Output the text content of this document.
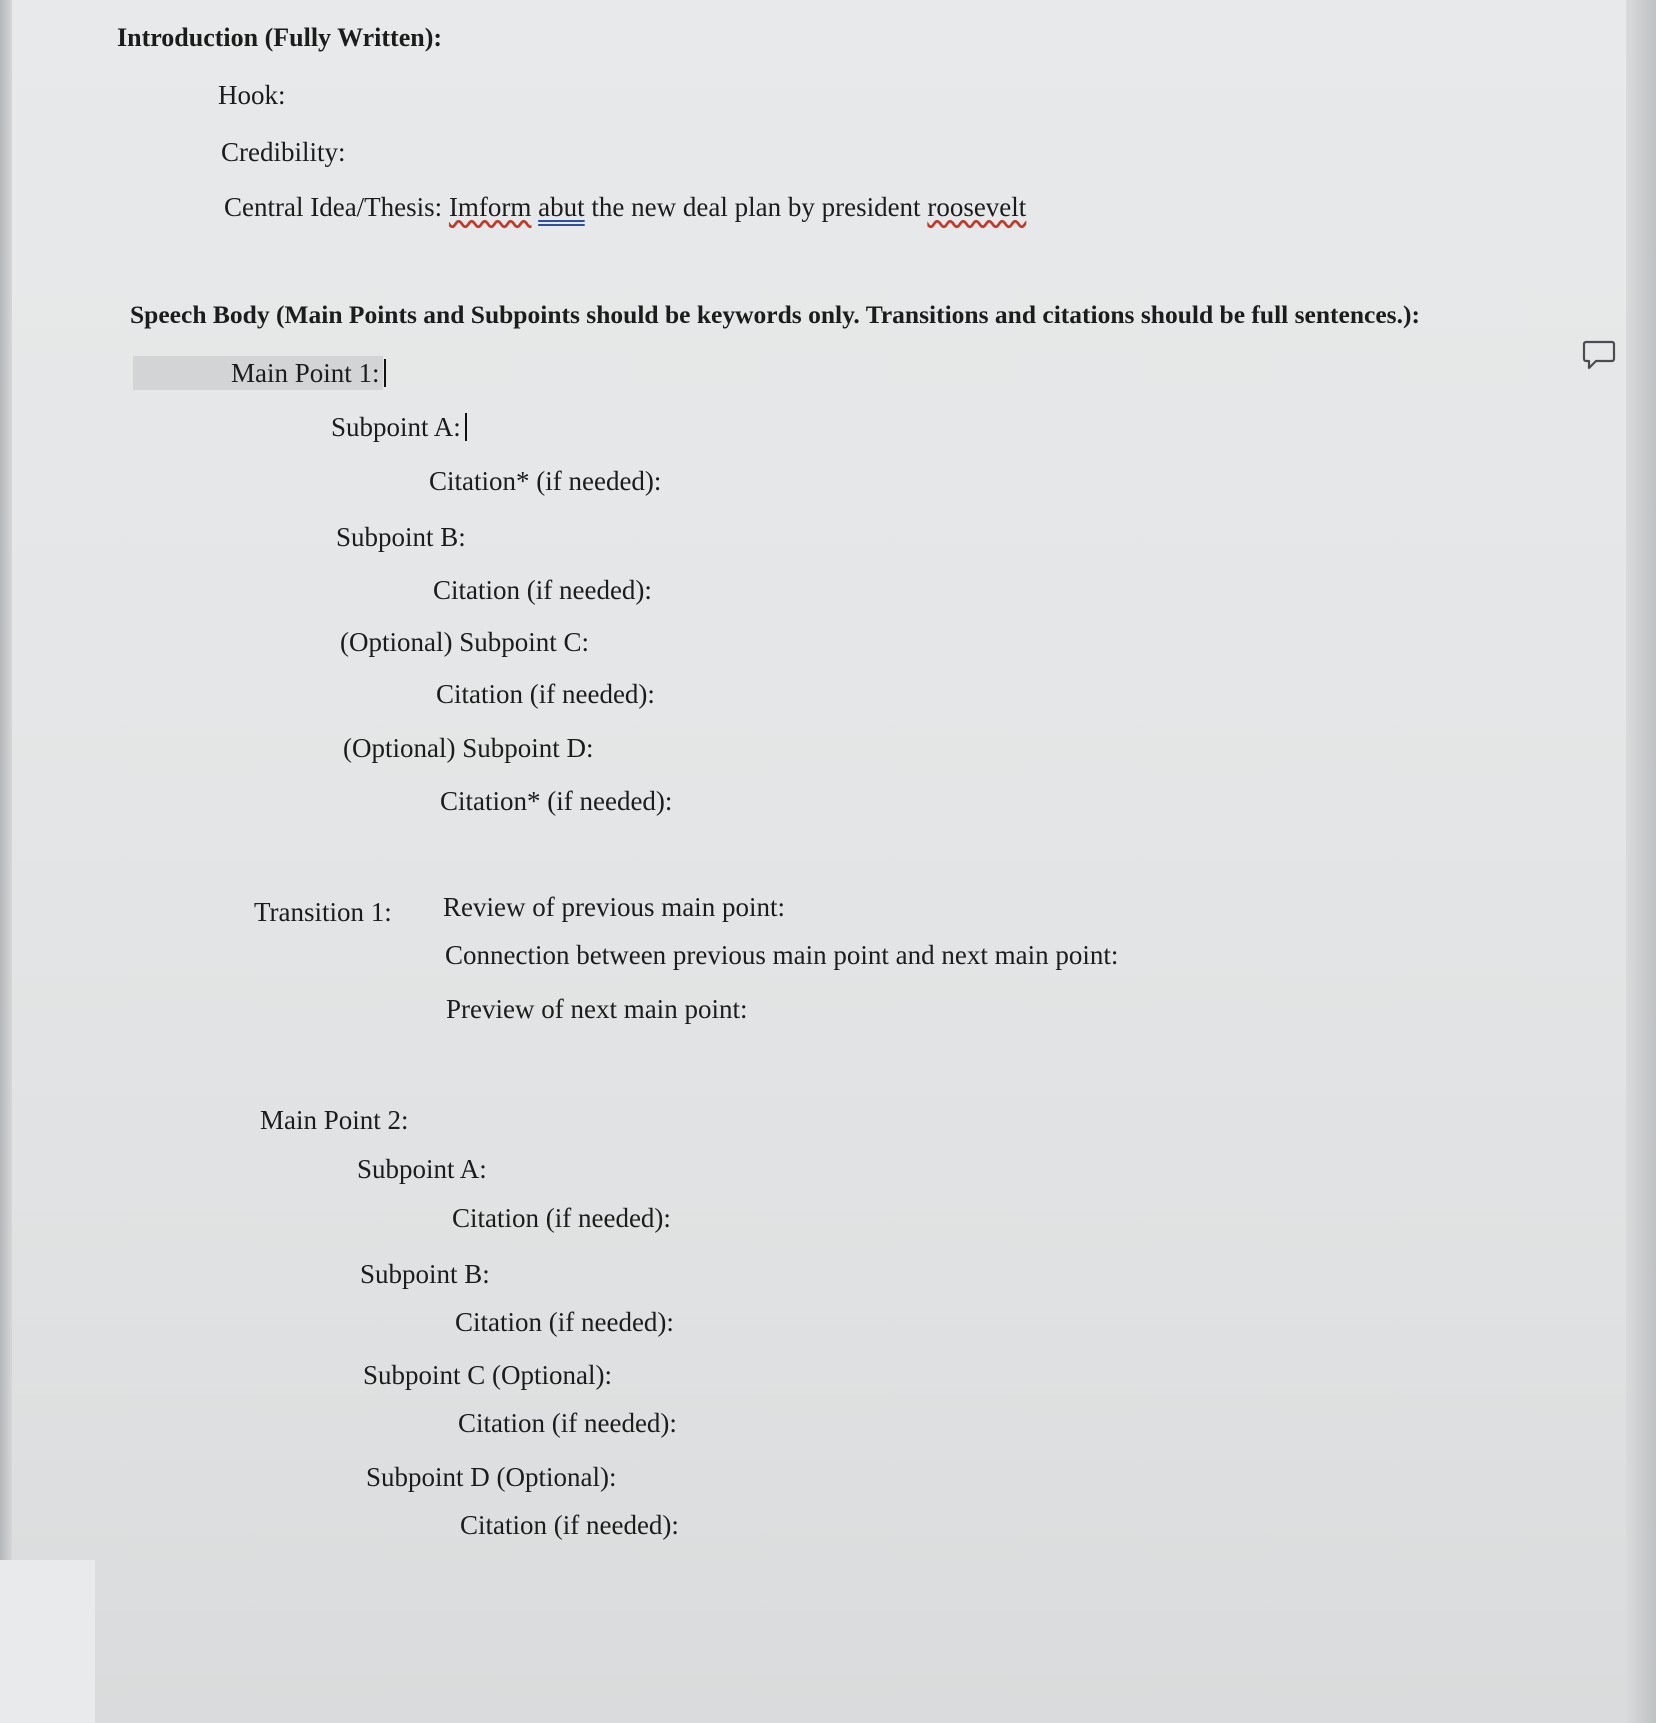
Introduction (Fully Written):
Hook:
Credibility:
Central Idea/Thesis: Imform abut the new deal plan by president roosevelt
Speech Body (Main Points and Subpoints should be keywords only. Transitions and citations should be full sentences.):
Main Point 1:
Subpoint A:
Citation* (if needed):
Subpoint B:
Citation (if needed):
(Optional) Subpoint C:
Citation (if needed):
(Optional) Subpoint D:
Citation* (if needed):
Transition 1: Review of previous main point:
Connection between previous main point and next main point:
Preview of next main point:
Main Point 2:
Subpoint A:
Citation (if needed):
Subpoint B:
Citation (if needed):
Subpoint C (Optional):
Citation (if needed):
Subpoint D (Optional):
Citation (if needed):
